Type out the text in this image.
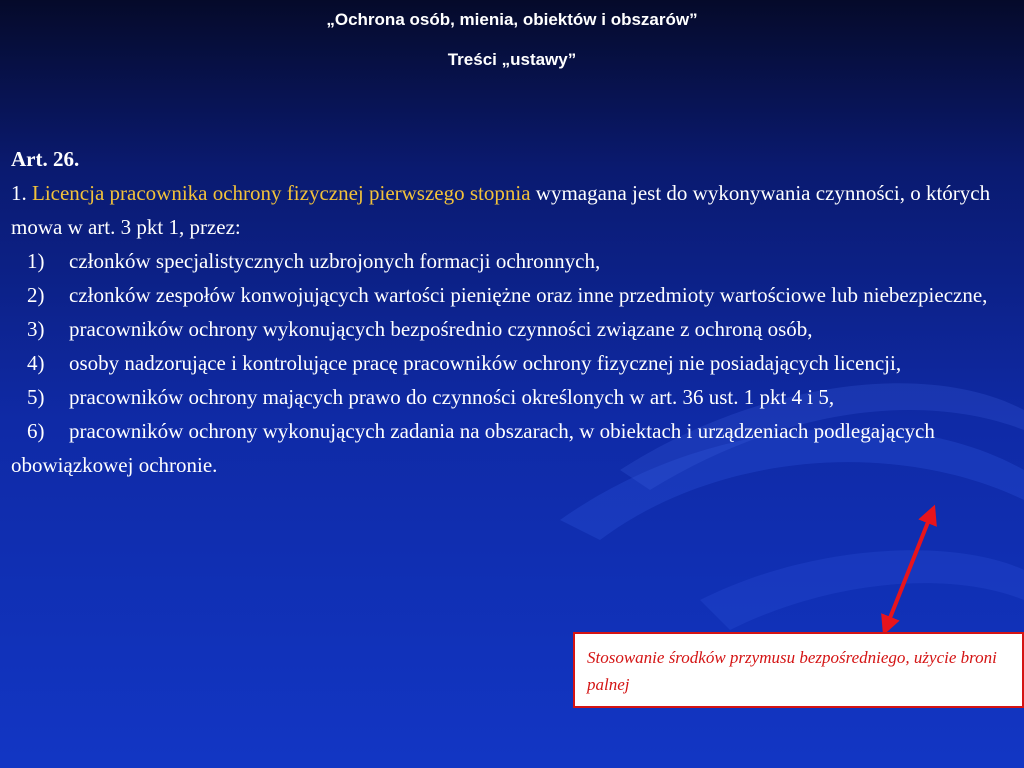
„Ochrona osób, mienia, obiektów i obszarów”
Treści „ustawy”

Art. 26.

1. Licencja pracownika ochrony fizycznej pierwszego stopnia wymagana jest do wykonywania czynności, o których mowa w art. 3 pkt 1, przez:

1) członków specjalistycznych uzbrojonych formacji ochronnych,

2) członków zespołów konwojujących wartości pieniężne oraz inne przedmioty wartościowe lub niebezpieczne,

3) pracowników ochrony wykonujących bezpośrednio czynności związane z ochroną osób,

4) osoby nadzorujące i kontrolujące pracę pracowników ochrony fizycznej nie posiadających licencji,

5) pracowników ochrony mających prawo do czynności określonych w art. 36 ust. 1 pkt 4 i 5,

6) pracowników ochrony wykonujących zadania na obszarach, w obiektach i urządzeniach podlegających obowiązkowej ochronie.

Stosowanie środków przymusu bezpośredniego, użycie broni palnej
